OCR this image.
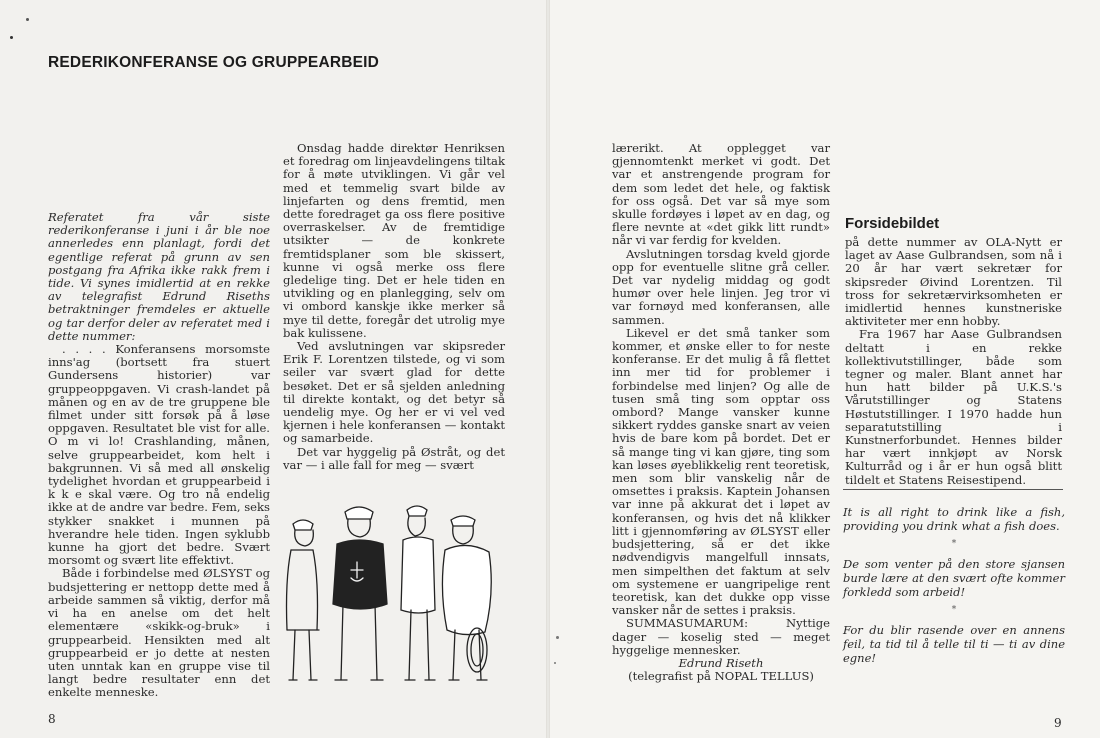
REDERIKONFERANSE OG GRUPPEARBEID

Referatet fra vår siste rederikonferanse i juni i år ble noe annerledes enn planlagt, fordi det egentlige referat på grunn av sen postgang fra Afrika ikke rakk frem i tide. Vi synes imidlertid at en rekke av telegrafist Edrund Riseths betraktninger fremdeles er aktuelle og tar derfor deler av referatet med i dette nummer:

. . . . Konferansens morsomste inns'ag (bortsett fra stuert Gundersens historier) var gruppeoppgaven. Vi crash-landet på månen og en av de tre gruppene ble filmet under sitt forsøk på å løse oppgaven. Resultatet ble vist for alle. O m vi lo! Crashlanding, månen, selve gruppearbeidet, kom helt i bakgrunnen. Vi så med all ønskelig tydelighet hvordan et gruppearbeid i k k e skal være. Og tro nå endelig ikke at de andre var bedre. Fem, seks stykker snakket i munnen på hverandre hele tiden. Ingen syklubb kunne ha gjort det bedre. Svært morsomt og svært lite effektivt.

Både i forbindelse med ØLSYST og budsjettering er nettopp dette med å arbeide sammen så viktig, derfor må vi ha en anelse om det helt elementære «skikk-og-bruk» i gruppearbeid. Hensikten med alt gruppearbeid er jo dette at nesten uten unntak kan en gruppe vise til langt bedre resultater enn det enkelte menneske.

Onsdag hadde direktør Henriksen et foredrag om linjeavdelingens tiltak for å møte utviklingen. Vi går vel med et temmelig svart bilde av linjefarten og dens fremtid, men dette foredraget ga oss flere positive overraskelser. Av de fremtidige utsikter — de konkrete fremtidsplaner som ble skissert, kunne vi også merke oss flere gledelige ting. Det er hele tiden en utvikling og en planlegging, selv om vi ombord kanskje ikke merker så mye til dette, foregår det utrolig mye bak kulissene.

Ved avslutningen var skipsreder Erik F. Lorentzen tilstede, og vi som seiler var svært glad for dette besøket. Det er så sjelden anledning til direkte kontakt, og det betyr så uendelig mye. Og her er vi vel ved kjernen i hele konferansen — kontakt og samarbeide.

Det var hyggelig på Østråt, og det var — i alle fall for meg — svært

lærerikt. At opplegget var gjennomtenkt merket vi godt. Det var et anstrengende program for dem som ledet det hele, og faktisk for oss også. Det var så mye som skulle fordøyes i løpet av en dag, og flere nevnte at «det gikk litt rundt» når vi var ferdig for kvelden.

Avslutningen torsdag kveld gjorde opp for eventuelle slitne grå celler. Det var nydelig middag og godt humør over hele linjen. Jeg tror vi var fornøyd med konferansen, alle sammen.

Likevel er det små tanker som kommer, et ønske eller to for neste konferanse. Er det mulig å få flettet inn mer tid for problemer i forbindelse med linjen? Og alle de tusen små ting som opptar oss ombord? Mange vansker kunne sikkert ryddes ganske snart av veien hvis de bare kom på bordet. Det er så mange ting vi kan gjøre, ting som kan løses øyeblikkelig rent teoretisk, men som blir vanskelig når de omsettes i praksis. Kaptein Johansen var inne på akkurat det i løpet av konferansen, og hvis det nå klikker litt i gjennomføring av ØLSYST eller budsjettering, så er det ikke nødvendigvis mangelfull innsats, men simpelthen det faktum at selv om systemene er uangripelige rent teoretisk, kan det dukke opp visse vansker når de settes i praksis.

SUMMASUMARUM: Nyttige dager — koselig sted — meget hyggelige mennesker.

Edrund Riseth

(telegrafist på NOPAL TELLUS)

Forsidebildet

på dette nummer av OLA-Nytt er laget av Aase Gulbrandsen, som nå i 20 år har vært sekretær for skipsreder Øivind Lorentzen. Til tross for sekretærvirksomheten er imidlertid hennes kunstneriske aktiviteter mer enn hobby.

Fra 1967 har Aase Gulbrandsen deltatt i en rekke kollektivutstillinger, både som tegner og maler. Blant annet har hun hatt bilder på U.K.S.'s Vårutstillinger og Statens Høstutstillinger. I 1970 hadde hun separatutstilling i Kunstnerforbundet. Hennes bilder har vært innkjøpt av Norsk Kulturråd og i år er hun også blitt tildelt et Statens Reisestipend.

It is all right to drink like a fish, providing you drink what a fish does.

*

De som venter på den store sjansen burde lære at den svært ofte kommer forkledd som arbeid!

*

For du blir rasende over en annens feil, ta tid til å telle til ti — ti av dine egne!

8	9
